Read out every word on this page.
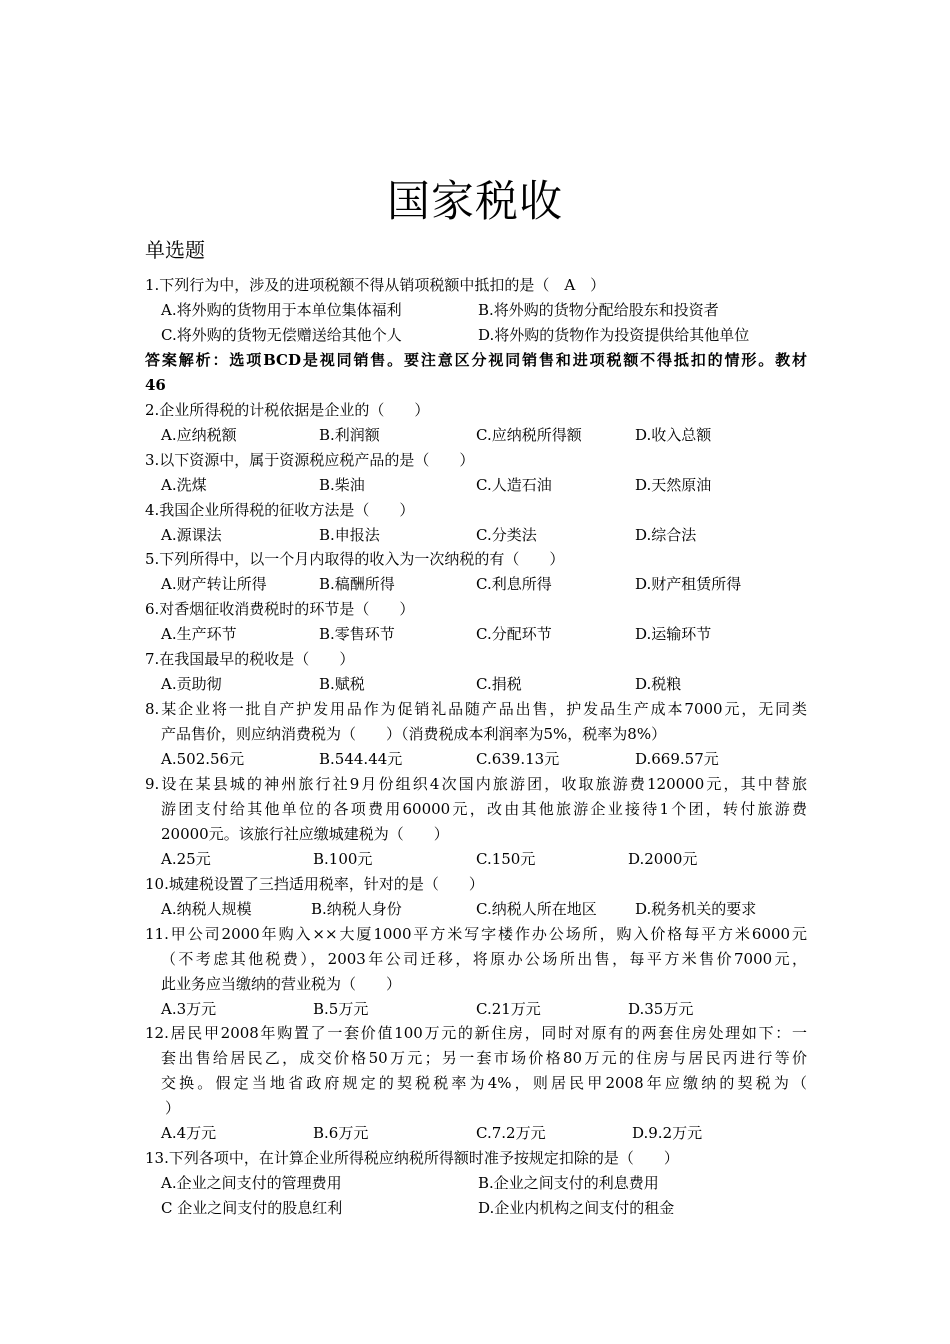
国家税收
单选题
1.下列行为中，涉及的进项税额不得从销项税额中抵扣的是（　A　）
A.将外购的货物用于本单位集体福利	B.将外购的货物分配给股东和投资者
C.将外购的货物无偿赠送给其他个人	D.将外购的货物作为投资提供给其他单位
答案解析：选项BCD是视同销售。要注意区分视同销售和进项税额不得抵扣的情形。教材
46
2.企业所得税的计税依据是企业的（　　）
A.应纳税额	B.利润额	C.应纳税所得额	D.收入总额
3.以下资源中，属于资源税应税产品的是（　　）
A.洗煤	B.柴油	C.人造石油	D.天然原油
4.我国企业所得税的征收方法是（　　）
A.源课法	B.申报法	C.分类法	D.综合法
5.下列所得中，以一个月内取得的收入为一次纳税的有（　　）
A.财产转让所得	B.稿酬所得	C.利息所得	D.财产租赁所得
6.对香烟征收消费税时的环节是（　　）
A.生产环节	B.零售环节	C.分配环节	D.运输环节
7.在我国最早的税收是（　　）
A.贡助彻	B.赋税	C.捐税	D.税粮
8.某企业将一批自产护发用品作为促销礼品随产品出售，护发品生产成本7000元，无同类
产品售价，则应纳消费税为（　　）（消费税成本利润率为5%，税率为8%）
A.502.56元	B.544.44元	C.639.13元	D.669.57元
9.设在某县城的神州旅行社9月份组织4次国内旅游团，收取旅游费120000元，其中替旅
游团支付给其他单位的各项费用60000元，改由其他旅游企业接待1个团，转付旅游费
20000元。该旅行社应缴城建税为（　　）
A.25元	B.100元	C.150元	D.2000元
10.城建税设置了三挡适用税率，针对的是（　　）
A.纳税人规模	B.纳税人身份	C.纳税人所在地区	D.税务机关的要求
11.甲公司2000年购入××大厦1000平方米写字楼作办公场所，购入价格每平方米6000元
（不考虑其他税费），2003年公司迁移，将原办公场所出售，每平方米售价7000元，
此业务应当缴纳的营业税为（　　）
A.3万元	B.5万元	C.21万元	D.35万元
12.居民甲2008年购置了一套价值100万元的新住房，同时对原有的两套住房处理如下：一
套出售给居民乙，成交价格50万元；另一套市场价格80万元的住房与居民丙进行等价
交换。假定当地省政府规定的契税税率为4%，则居民甲2008年应缴纳的契税为（
）
A.4万元	B.6万元	C.7.2万元	D.9.2万元
13.下列各项中，在计算企业所得税应纳税所得额时准予按规定扣除的是（　　）
A.企业之间支付的管理费用	B.企业之间支付的利息费用
C 企业之间支付的股息红利	D.企业内机构之间支付的租金
